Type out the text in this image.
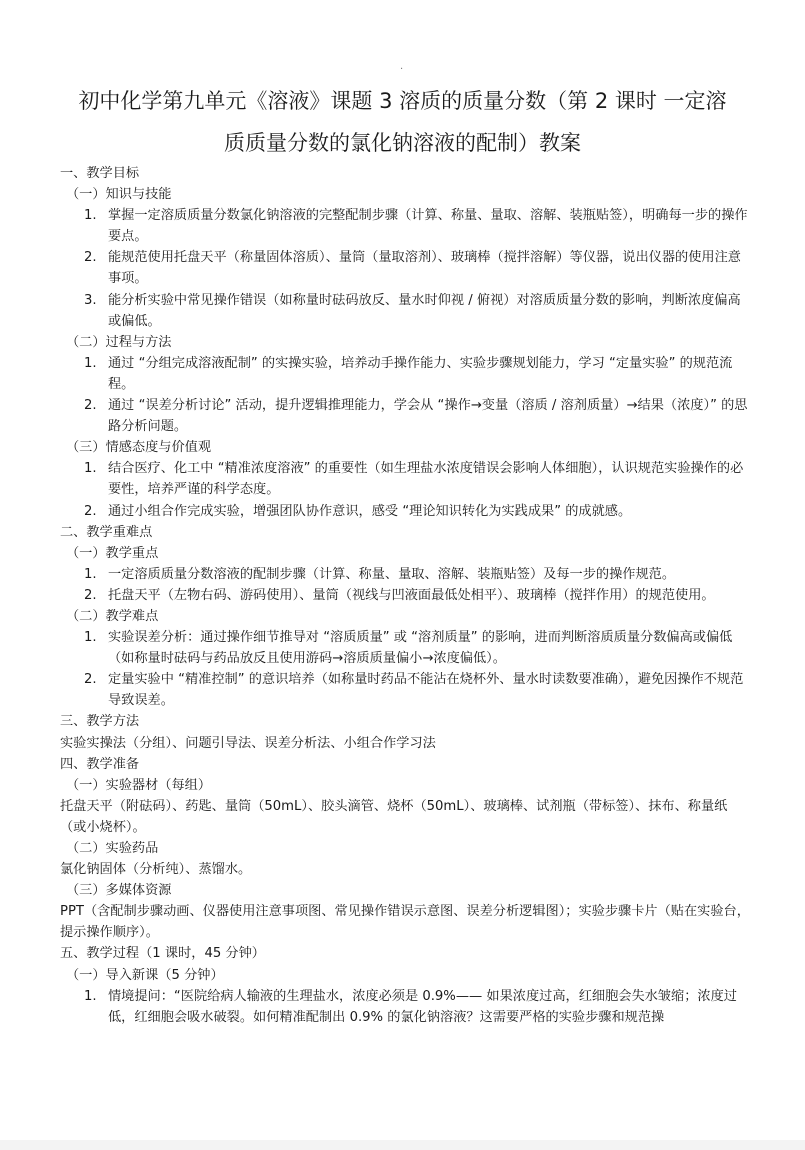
·
初中化学第九单元《溶液》课题 3 溶质的质量分数（第 2 课时 一定溶
质质量分数的氯化钠溶液的配制）教案
一、教学目标
（一）知识与技能
1. 掌握一定溶质质量分数氯化钠溶液的完整配制步骤（计算、称量、量取、溶解、装瓶贴签），明确每一步的操作要点。
2. 能规范使用托盘天平（称量固体溶质）、量筒（量取溶剂）、玻璃棒（搅拌溶解）等仪器，说出仪器的使用注意事项。
3. 能分析实验中常见操作错误（如称量时砝码放反、量水时仰视 / 俯视）对溶质质量分数的影响，判断浓度偏高或偏低。
（二）过程与方法
1. 通过 “分组完成溶液配制” 的实操实验，培养动手操作能力、实验步骤规划能力，学习 “定量实验” 的规范流程。
2. 通过 “误差分析讨论” 活动，提升逻辑推理能力，学会从 “操作→变量（溶质 / 溶剂质量）→结果（浓度）” 的思路分析问题。
（三）情感态度与价值观
1. 结合医疗、化工中 “精准浓度溶液” 的重要性（如生理盐水浓度错误会影响人体细胞），认识规范实验操作的必要性，培养严谨的科学态度。
2. 通过小组合作完成实验，增强团队协作意识，感受 “理论知识转化为实践成果” 的成就感。
二、教学重难点
（一）教学重点
1. 一定溶质质量分数溶液的配制步骤（计算、称量、量取、溶解、装瓶贴签）及每一步的操作规范。
2. 托盘天平（左物右码、游码使用）、量筒（视线与凹液面最低处相平）、玻璃棒（搅拌作用）的规范使用。
（二）教学难点
1. 实验误差分析：通过操作细节推导对 “溶质质量” 或 “溶剂质量” 的影响，进而判断溶质质量分数偏高或偏低（如称量时砝码与药品放反且使用游码→溶质质量偏小→浓度偏低）。
2. 定量实验中 “精准控制” 的意识培养（如称量时药品不能沾在烧杯外、量水时读数要准确），避免因操作不规范导致误差。
三、教学方法
实验实操法（分组）、问题引导法、误差分析法、小组合作学习法
四、教学准备
（一）实验器材（每组）
托盘天平（附砝码）、药匙、量筒（50mL）、胶头滴管、烧杯（50mL）、玻璃棒、试剂瓶（带标签）、抹布、称量纸（或小烧杯）。
（二）实验药品
氯化钠固体（分析纯）、蒸馏水。
（三）多媒体资源
PPT（含配制步骤动画、仪器使用注意事项图、常见操作错误示意图、误差分析逻辑图）；实验步骤卡片（贴在实验台，提示操作顺序）。
五、教学过程（1 课时，45 分钟）
（一）导入新课（5 分钟）
1. 情境提问：“医院给病人输液的生理盐水，浓度必须是 0.9%—— 如果浓度过高，红细胞会失水皱缩；浓度过低，红细胞会吸水破裂。如何精准配制出 0.9% 的氯化钠溶液？这需要严格的实验步骤和规范操
